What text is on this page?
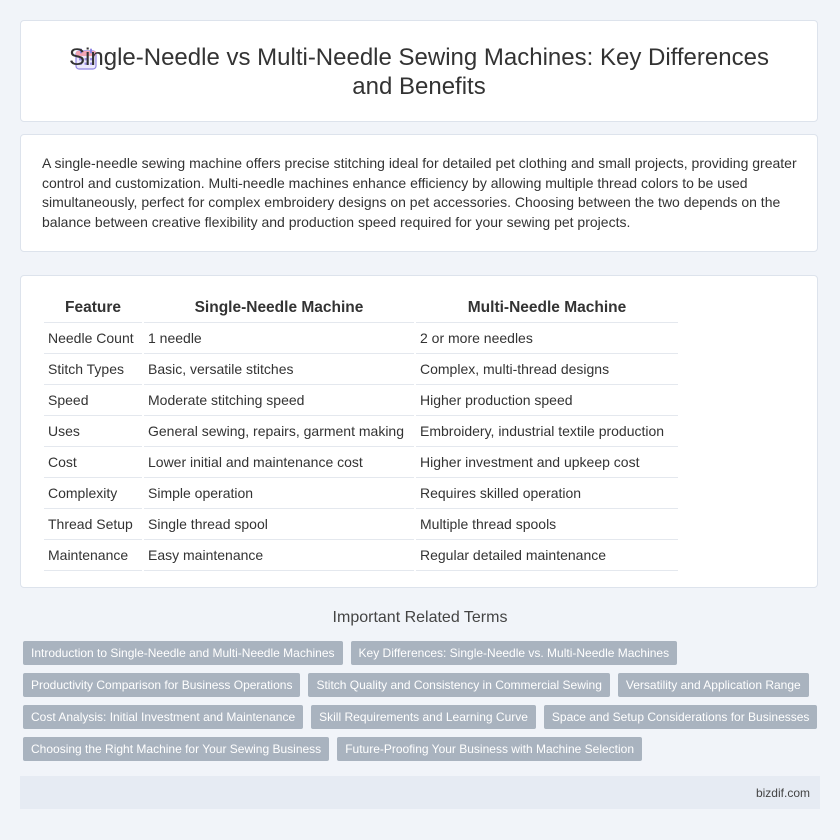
Single-Needle vs Multi-Needle Sewing Machines: Key Differences and Benefits

A single-needle sewing machine offers precise stitching ideal for detailed pet clothing and small projects, providing greater control and customization. Multi-needle machines enhance efficiency by allowing multiple thread colors to be used simultaneously, perfect for complex embroidery designs on pet accessories. Choosing between the two depends on the balance between creative flexibility and production speed required for your sewing pet projects.

Feature	Single-Needle Machine	Multi-Needle Machine
Needle Count	1 needle	2 or more needles
Stitch Types	Basic, versatile stitches	Complex, multi-thread designs
Speed	Moderate stitching speed	Higher production speed
Uses	General sewing, repairs, garment making	Embroidery, industrial textile production
Cost	Lower initial and maintenance cost	Higher investment and upkeep cost
Complexity	Simple operation	Requires skilled operation
Thread Setup	Single thread spool	Multiple thread spools
Maintenance	Easy maintenance	Regular detailed maintenance
Important Related Terms
Introduction to Single-Needle and Multi-Needle Machines	Key Differences: Single-Needle vs. Multi-Needle Machines
Productivity Comparison for Business Operations	Stitch Quality and Consistency in Commercial Sewing	Versatility and Application Range
Cost Analysis: Initial Investment and Maintenance	Skill Requirements and Learning Curve	Space and Setup Considerations for Businesses
Choosing the Right Machine for Your Sewing Business	Future-Proofing Your Business with Machine Selection
bizdif.com
